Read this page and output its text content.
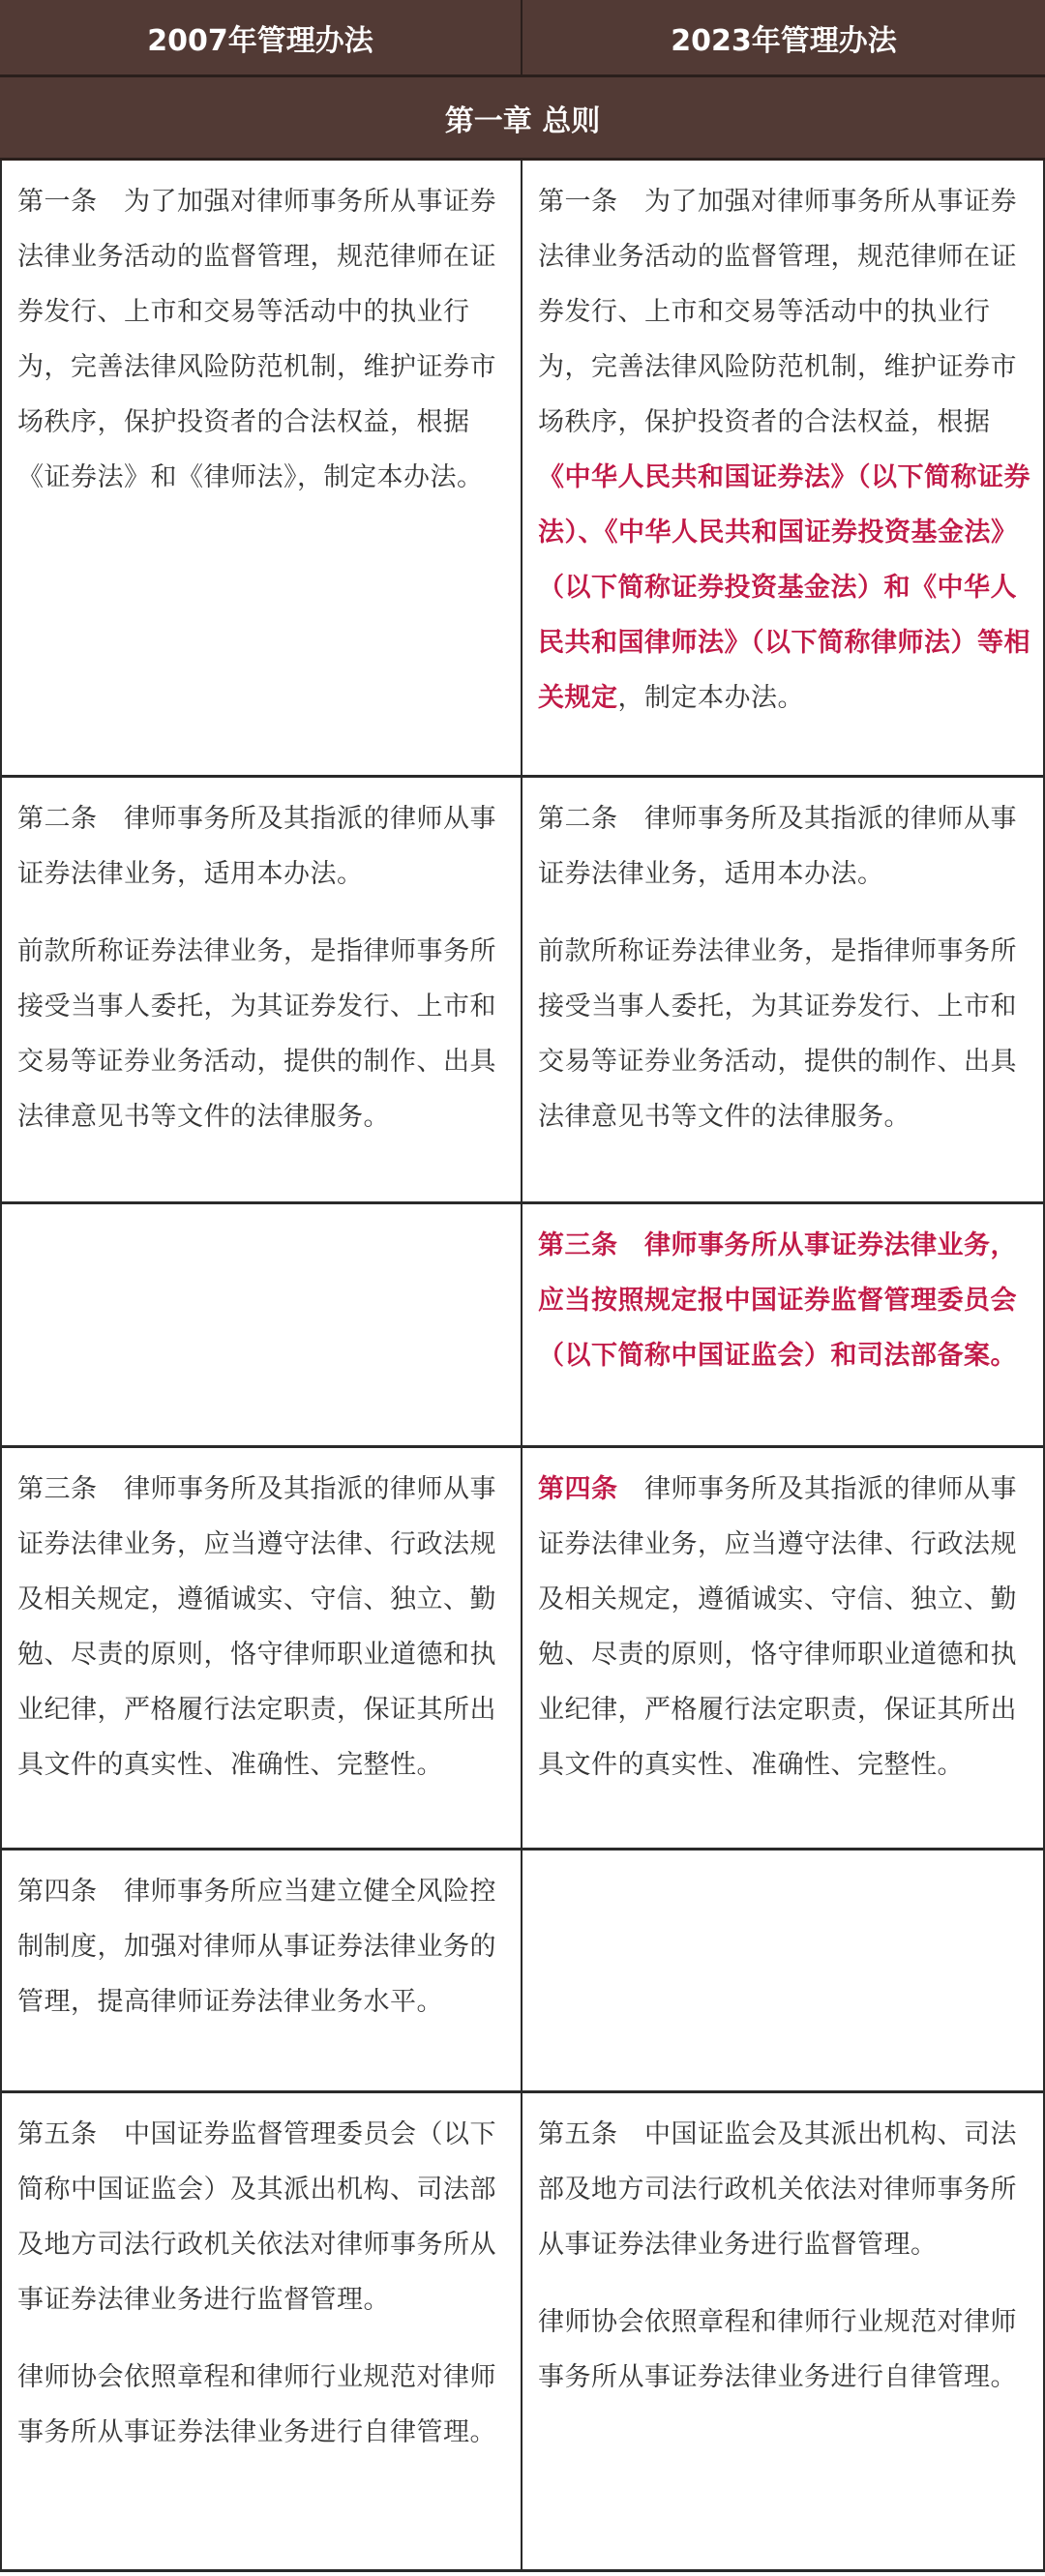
2007年管理办法	2023年管理办法
第一章 总则
第一条　为了加强对律师事务所从事证券法律业务活动的监督管理，规范律师在证券发行、上市和交易等活动中的执业行为，完善法律风险防范机制，维护证券市场秩序，保护投资者的合法权益，根据《证券法》和《律师法》，制定本办法。
第一条　为了加强对律师事务所从事证券法律业务活动的监督管理，规范律师在证券发行、上市和交易等活动中的执业行为，完善法律风险防范机制，维护证券市场秩序，保护投资者的合法权益，根据《中华人民共和国证券法》（以下简称证券法）、《中华人民共和国证券投资基金法》（以下简称证券投资基金法）和《中华人民共和国律师法》（以下简称律师法）等相关规定，制定本办法。
第二条　律师事务所及其指派的律师从事证券法律业务，适用本办法。
前款所称证券法律业务，是指律师事务所接受当事人委托，为其证券发行、上市和交易等证券业务活动，提供的制作、出具法律意见书等文件的法律服务。
第二条　律师事务所及其指派的律师从事证券法律业务，适用本办法。
前款所称证券法律业务，是指律师事务所接受当事人委托，为其证券发行、上市和交易等证券业务活动，提供的制作、出具法律意见书等文件的法律服务。
第三条　律师事务所从事证券法律业务，应当按照规定报中国证券监督管理委员会（以下简称中国证监会）和司法部备案。
第三条　律师事务所及其指派的律师从事证券法律业务，应当遵守法律、行政法规及相关规定，遵循诚实、守信、独立、勤勉、尽责的原则，恪守律师职业道德和执业纪律，严格履行法定职责，保证其所出具文件的真实性、准确性、完整性。
第四条　律师事务所及其指派的律师从事证券法律业务，应当遵守法律、行政法规及相关规定，遵循诚实、守信、独立、勤勉、尽责的原则，恪守律师职业道德和执业纪律，严格履行法定职责，保证其所出具文件的真实性、准确性、完整性。
第四条　律师事务所应当建立健全风险控制制度，加强对律师从事证券法律业务的管理，提高律师证券法律业务水平。
第五条　中国证券监督管理委员会（以下简称中国证监会）及其派出机构、司法部及地方司法行政机关依法对律师事务所从事证券法律业务进行监督管理。
律师协会依照章程和律师行业规范对律师事务所从事证券法律业务进行自律管理。
第五条　中国证监会及其派出机构、司法部及地方司法行政机关依法对律师事务所从事证券法律业务进行监督管理。
律师协会依照章程和律师行业规范对律师事务所从事证券法律业务进行自律管理。
